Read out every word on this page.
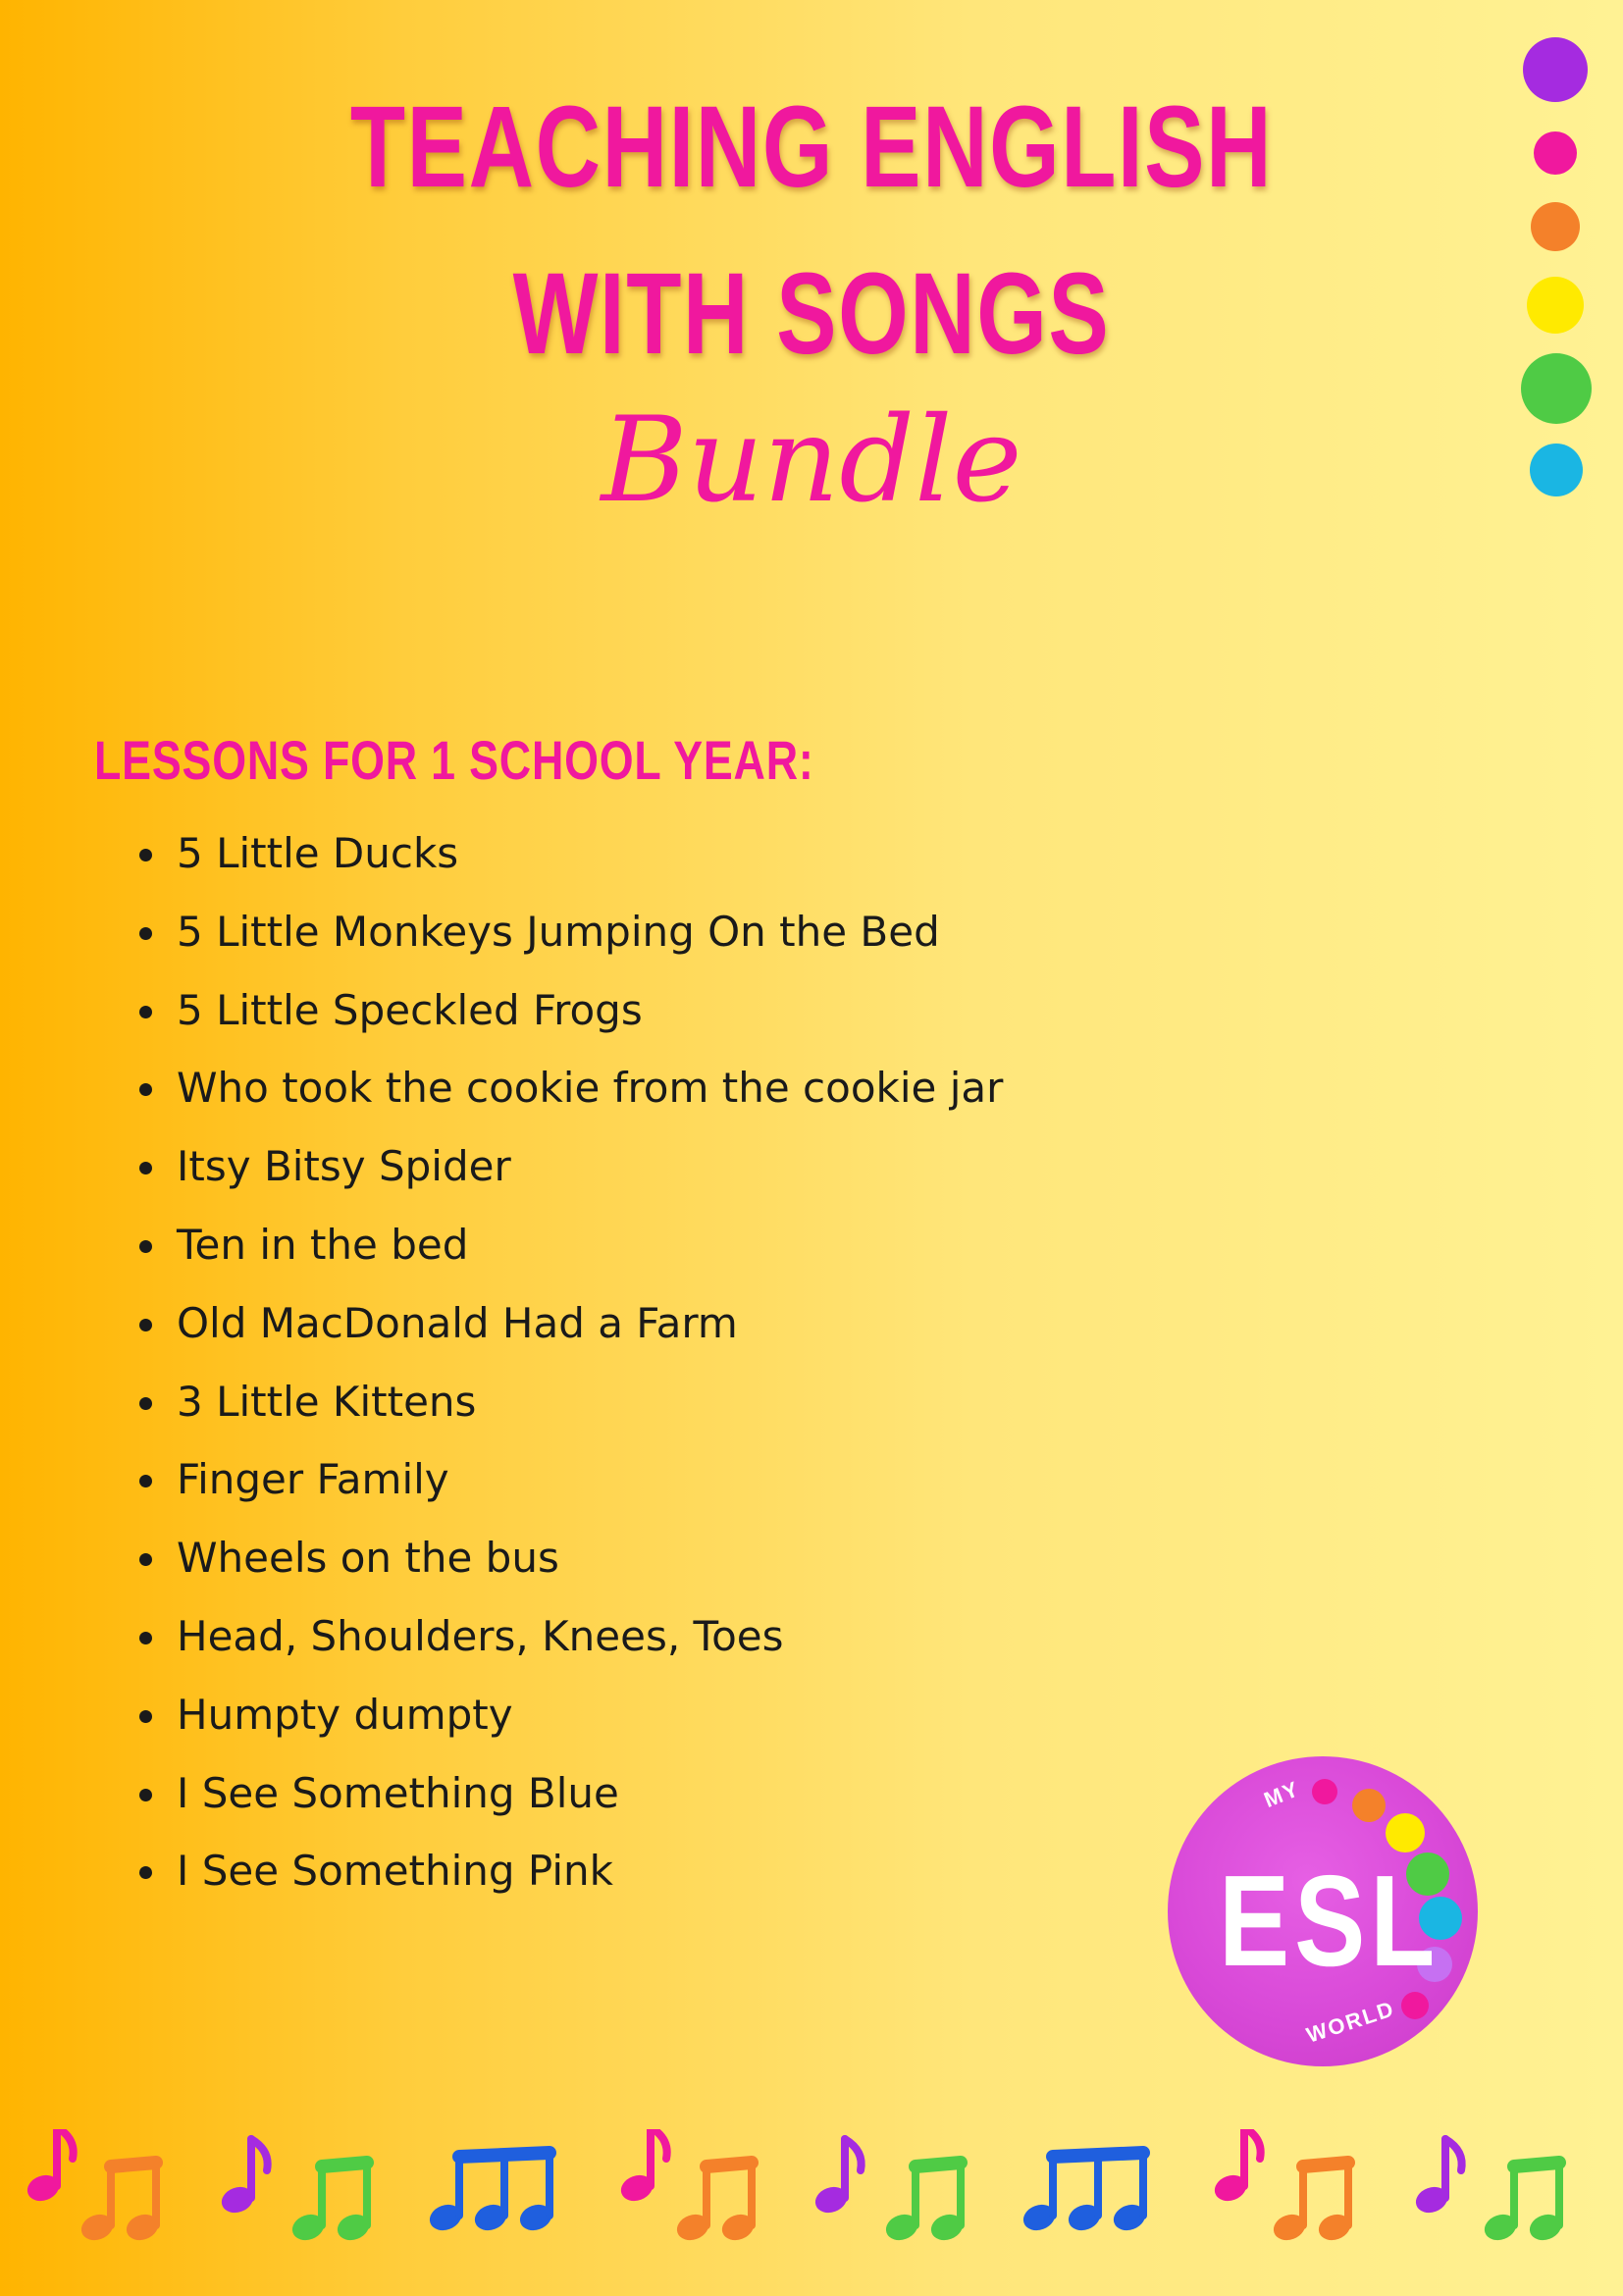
TEACHING ENGLISH
WITH SONGS
Bundle
LESSONS FOR 1 SCHOOL YEAR:
5 Little Ducks
5 Little Monkeys Jumping On the Bed
5 Little Speckled Frogs
Who took the cookie from the cookie jar
Itsy Bitsy Spider
Ten in the bed
Old MacDonald Had a Farm
3 Little Kittens
Finger Family
Wheels on the bus
Head, Shoulders, Knees, Toes
Humpty dumpty
I See Something Blue
I See Something Pink
MY
ESL
WORLD
